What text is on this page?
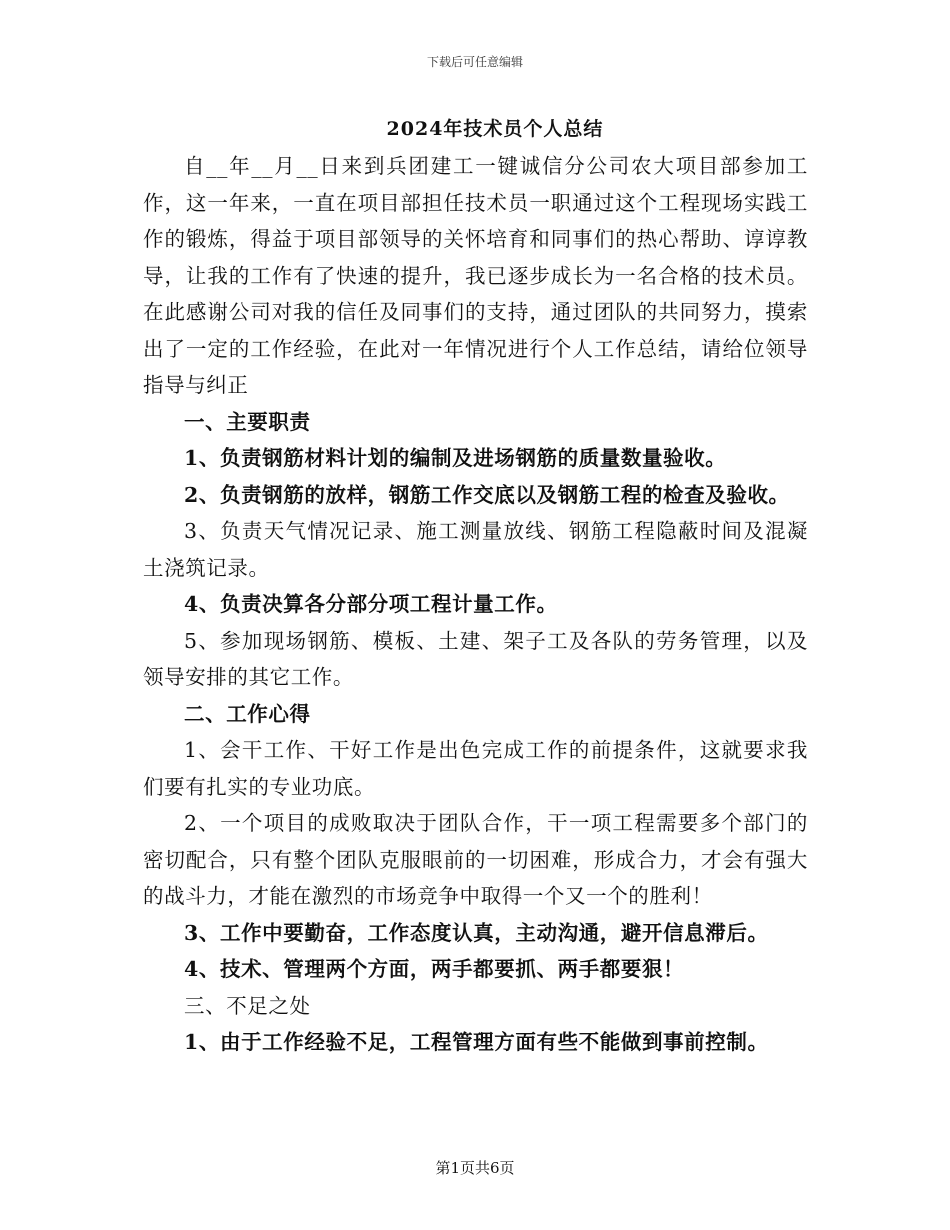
下载后可任意编辑
2024年技术员个人总结

自__年__月__日来到兵团建工一键诚信分公司农大项目部参加工作，这一年来，一直在项目部担任技术员一职通过这个工程现场实践工作的锻炼，得益于项目部领导的关怀培育和同事们的热心帮助、谆谆教导，让我的工作有了快速的提升，我已逐步成长为一名合格的技术员。在此感谢公司对我的信任及同事们的支持，通过团队的共同努力，摸索出了一定的工作经验，在此对一年情况进行个人工作总结，请给位领导指导与纠正

一、主要职责

1、负责钢筋材料计划的编制及进场钢筋的质量数量验收。

2、负责钢筋的放样，钢筋工作交底以及钢筋工程的检查及验收。

3、负责天气情况记录、施工测量放线、钢筋工程隐蔽时间及混凝土浇筑记录。

4、负责决算各分部分项工程计量工作。

5、参加现场钢筋、模板、土建、架子工及各队的劳务管理，以及领导安排的其它工作。

二、工作心得

1、会干工作、干好工作是出色完成工作的前提条件，这就要求我们要有扎实的专业功底。

2、一个项目的成败取决于团队合作，干一项工程需要多个部门的密切配合，只有整个团队克服眼前的一切困难，形成合力，才会有强大的战斗力，才能在激烈的市场竞争中取得一个又一个的胜利！

3、工作中要勤奋，工作态度认真，主动沟通，避开信息滞后。

4、技术、管理两个方面，两手都要抓、两手都要狠！

三、不足之处

1、由于工作经验不足，工程管理方面有些不能做到事前控制。

第1页共6页
